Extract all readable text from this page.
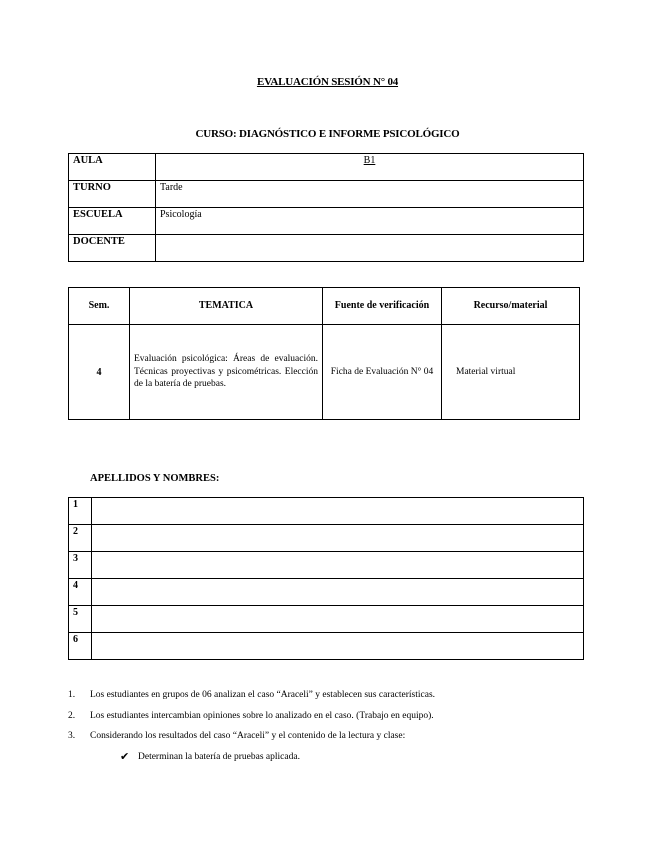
EVALUACIÓN SESIÓN N° 04
CURSO: DIAGNÓSTICO E INFORME PSICOLÓGICO
AULA	B1
TURNO	Tarde
ESCUELA	Psicología
DOCENTE	
Sem.	TEMATICA	Fuente de verificación	Recurso/material
4	Evaluación psicológica: Áreas de evaluación. Técnicas proyectivas y psicométricas. Elección de la batería de pruebas.	Ficha de Evaluación N° 04	Material virtual
APELLIDOS Y NOMBRES:
1	
2	
3	
4	
5	
6	
1.	Los estudiantes en grupos de 06 analizan el caso “Araceli” y establecen sus características.
2.	Los estudiantes intercambian opiniones sobre lo analizado en el caso. (Trabajo en equipo).
3.	Considerando los resultados del caso “Araceli” y el contenido de la lectura y clase:
✔ Determinan la batería de pruebas aplicada.
